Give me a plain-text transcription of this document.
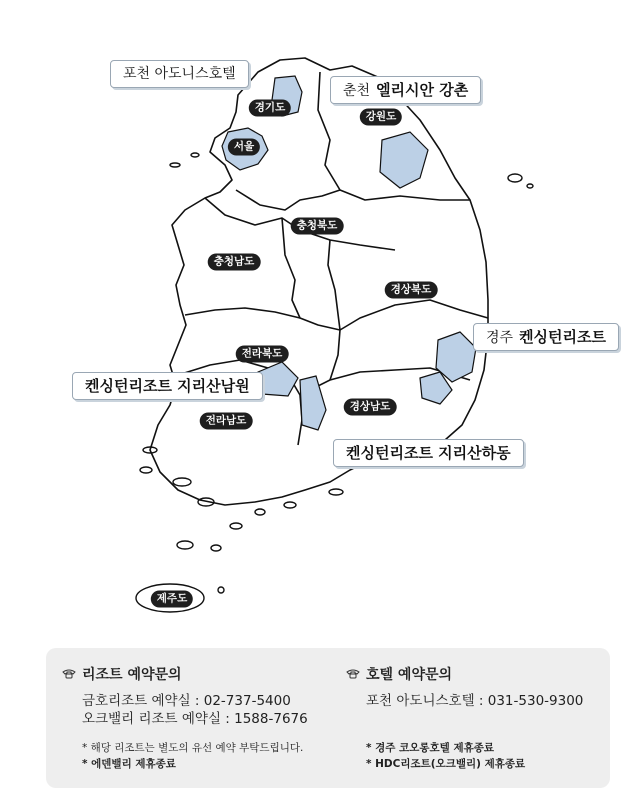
경기도
서울
강원도
충청북도
충청남도
경상북도
전라북도
경상남도
전라남도
제주도
포천 아도니스호텔
춘천 엘리시안 강촌
경주 켄싱턴리조트
켄싱턴리조트 지리산남원
켄싱턴리조트 지리산하동
리조트 예약문의
금호리조트 예약실 : 02-737-5400
오크밸리 리조트 예약실 : 1588-7676
* 해당 리조트는 별도의 유선 예약 부탁드립니다.
* 에덴밸리 제휴종료
호텔 예약문의
포천 아도니스호텔 : 031-530-9300
* 경주 코오롱호텔 제휴종료
* HDC리조트(오크밸리) 제휴종료
